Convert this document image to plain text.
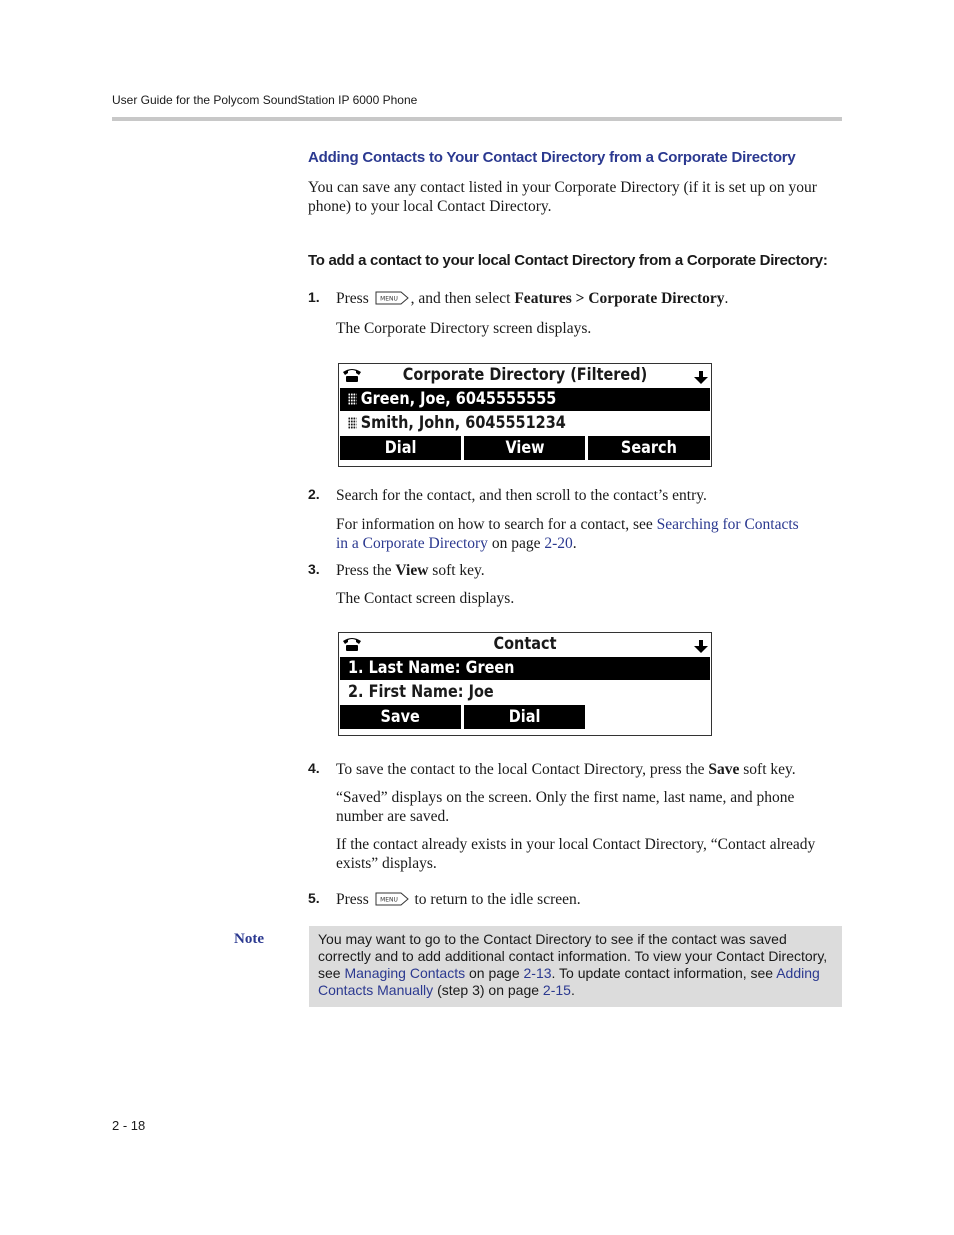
User Guide for the Polycom SoundStation IP 6000 Phone
Adding Contacts to Your Contact Directory from a Corporate Directory
You can save any contact listed in your Corporate Directory (if it is set up on your phone) to your local Contact Directory.
To add a contact to your local Contact Directory from a Corporate Directory:
1. Press MENU , and then select Features > Corporate Directory.
The Corporate Directory screen displays.
Corporate Directory (Filtered)
Green, Joe, 6045555555
Smith, John, 6045551234
Dial	View	Search
2. Search for the contact, and then scroll to the contact’s entry.
For information on how to search for a contact, see Searching for Contacts
in a Corporate Directory on page 2-20.
3. Press the View soft key.
The Contact screen displays.
Contact
1. Last Name: Green
2. First Name: Joe
Save	Dial
4. To save the contact to the local Contact Directory, press the Save soft key.
“Saved” displays on the screen. Only the first name, last name, and phone number are saved.
If the contact already exists in your local Contact Directory, “Contact already exists” displays.
5. Press MENU to return to the idle screen.
Note	You may want to go to the Contact Directory to see if the contact was saved correctly and to add additional contact information. To view your Contact Directory, see Managing Contacts on page 2-13. To update contact information, see Adding Contacts Manually (step 3) on page 2-15.
2 - 18
